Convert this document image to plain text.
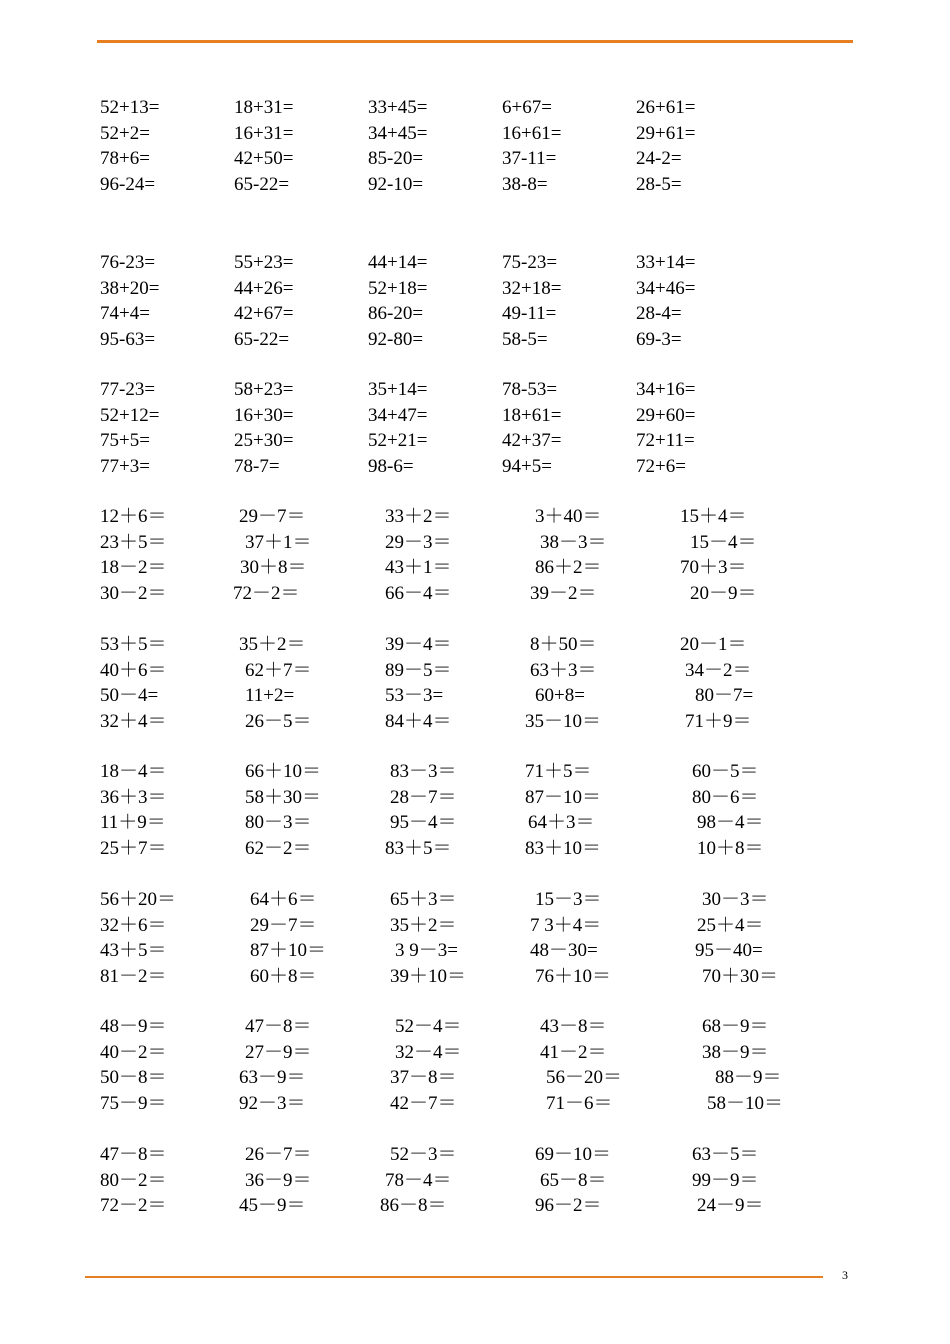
52+13=	18+31=	33+45=	6+67=	26+61=
52+2=	16+31=	34+45=	16+61=	29+61=
78+6=	42+50=	85-20=	37-11=	24-2=
96-24=	65-22=	92-10=	38-8=	28-5=
76-23=	55+23=	44+14=	75-23=	33+14=
38+20=	44+26=	52+18=	32+18=	34+46=
74+4=	42+67=	86-20=	49-11=	28-4=
95-63=	65-22=	92-80=	58-5=	69-3=
77-23=	58+23=	35+14=	78-53=	34+16=
52+12=	16+30=	34+47=	18+61=	29+60=
75+5=	25+30=	52+21=	42+37=	72+11=
77+3=	78-7=	98-6=	94+5=	72+6=
12＋6＝	29－7＝	33＋2＝	3＋40＝	15＋4＝
23＋5＝	37＋1＝	29－3＝	38－3＝	15－4＝
18－2＝	30＋8＝	43＋1＝	86＋2＝	70＋3＝
30－2＝	72－2＝	66－4＝	39－2＝	20－9＝
53＋5＝	35＋2＝	39－4＝	8＋50＝	20－1＝
40＋6＝	62＋7＝	89－5＝	63＋3＝	34－2＝
50－4=	11+2=	53－3=	60+8=	80－7=
32＋4＝	26－5＝	84＋4＝	35－10＝	71＋9＝
18－4＝	66＋10＝	83－3＝	71＋5＝	60－5＝
36＋3＝	58＋30＝	28－7＝	87－10＝	80－6＝
11＋9＝	80－3＝	95－4＝	64＋3＝	98－4＝
25＋7＝	62－2＝	83＋5＝	83＋10＝	10＋8＝
56＋20＝	64＋6＝	65＋3＝	15－3＝	30－3＝
32＋6＝	29－7＝	35＋2＝	7 3＋4＝	25＋4＝
43＋5＝	87＋10＝	3 9－3=	48－30=	95－40=
81－2＝	60＋8＝	39＋10＝	76＋10＝	70＋30＝
48－9＝	47－8＝	52－4＝	43－8＝	68－9＝
40－2＝	27－9＝	32－4＝	41－2＝	38－9＝
50－8＝	63－9＝	37－8＝	56－20＝	88－9＝
75－9＝	92－3＝	42－7＝	71－6＝	58－10＝
47－8＝	26－7＝	52－3＝	69－10＝	63－5＝
80－2＝	36－9＝	78－4＝	65－8＝	99－9＝
72－2＝	45－9＝	86－8＝	96－2＝	24－9＝
3
